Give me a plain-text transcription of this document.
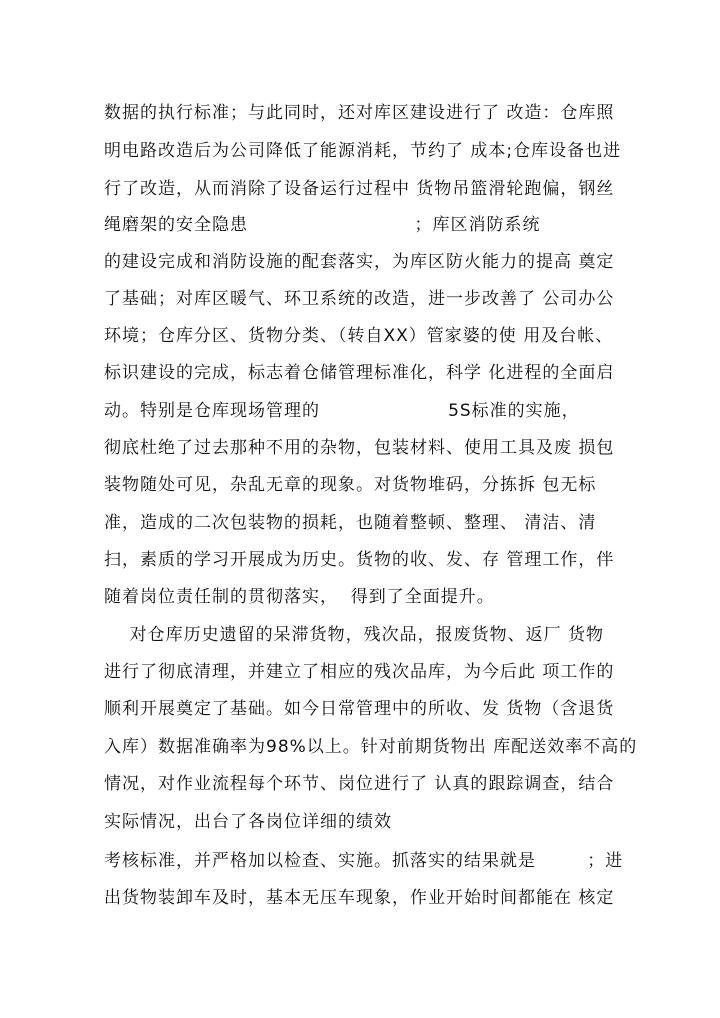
数据的执行标准；与此同时，还对库区建设进行了 改造：仓库照
明电路改造后为公司降低了能源消耗，节约了 成本;仓库设备也进
行了改造，从而消除了设备运行过程中 货物吊篮滑轮跑偏，钢丝
绳磨架的安全隐患                          ；库区消防系统
的建设完成和消防设施的配套落实，为库区防火能力的提高 奠定
了基础；对库区暖气、环卫系统的改造，进一步改善了 公司办公
环境；仓库分区、货物分类、（转自XX）管家婆的使 用及台帐、
标识建设的完成，标志着仓储管理标准化，科学 化进程的全面启
动。特别是仓库现场管理的                    5S标准的实施，
彻底杜绝了过去那种不用的杂物，包装材料、使用工具及废 损包
装物随处可见，杂乱无章的现象。对货物堆码，分拣拆 包无标
准，造成的二次包装物的损耗，也随着整顿、整理、 清洁、清
扫，素质的学习开展成为历史。货物的收、发、存 管理工作，伴
随着岗位责任制的贯彻落实，  得到了全面提升。
对仓库历史遗留的呆滞货物，残次品，报废货物、返厂 货物
进行了彻底清理，并建立了相应的残次品库，为今后此 项工作的
顺利开展奠定了基础。如今日常管理中的所收、发 货物（含退货
入库）数据准确率为98%以上。针对前期货物出 库配送效率不高的
情况，对作业流程每个环节、岗位进行了 认真的跟踪调查，结合
实际情况，出台了各岗位详细的绩效
考核标准，并严格加以检查、实施。抓落实的结果就是        ；进
出货物装卸车及时，基本无压车现象，作业开始时间都能在 核定
